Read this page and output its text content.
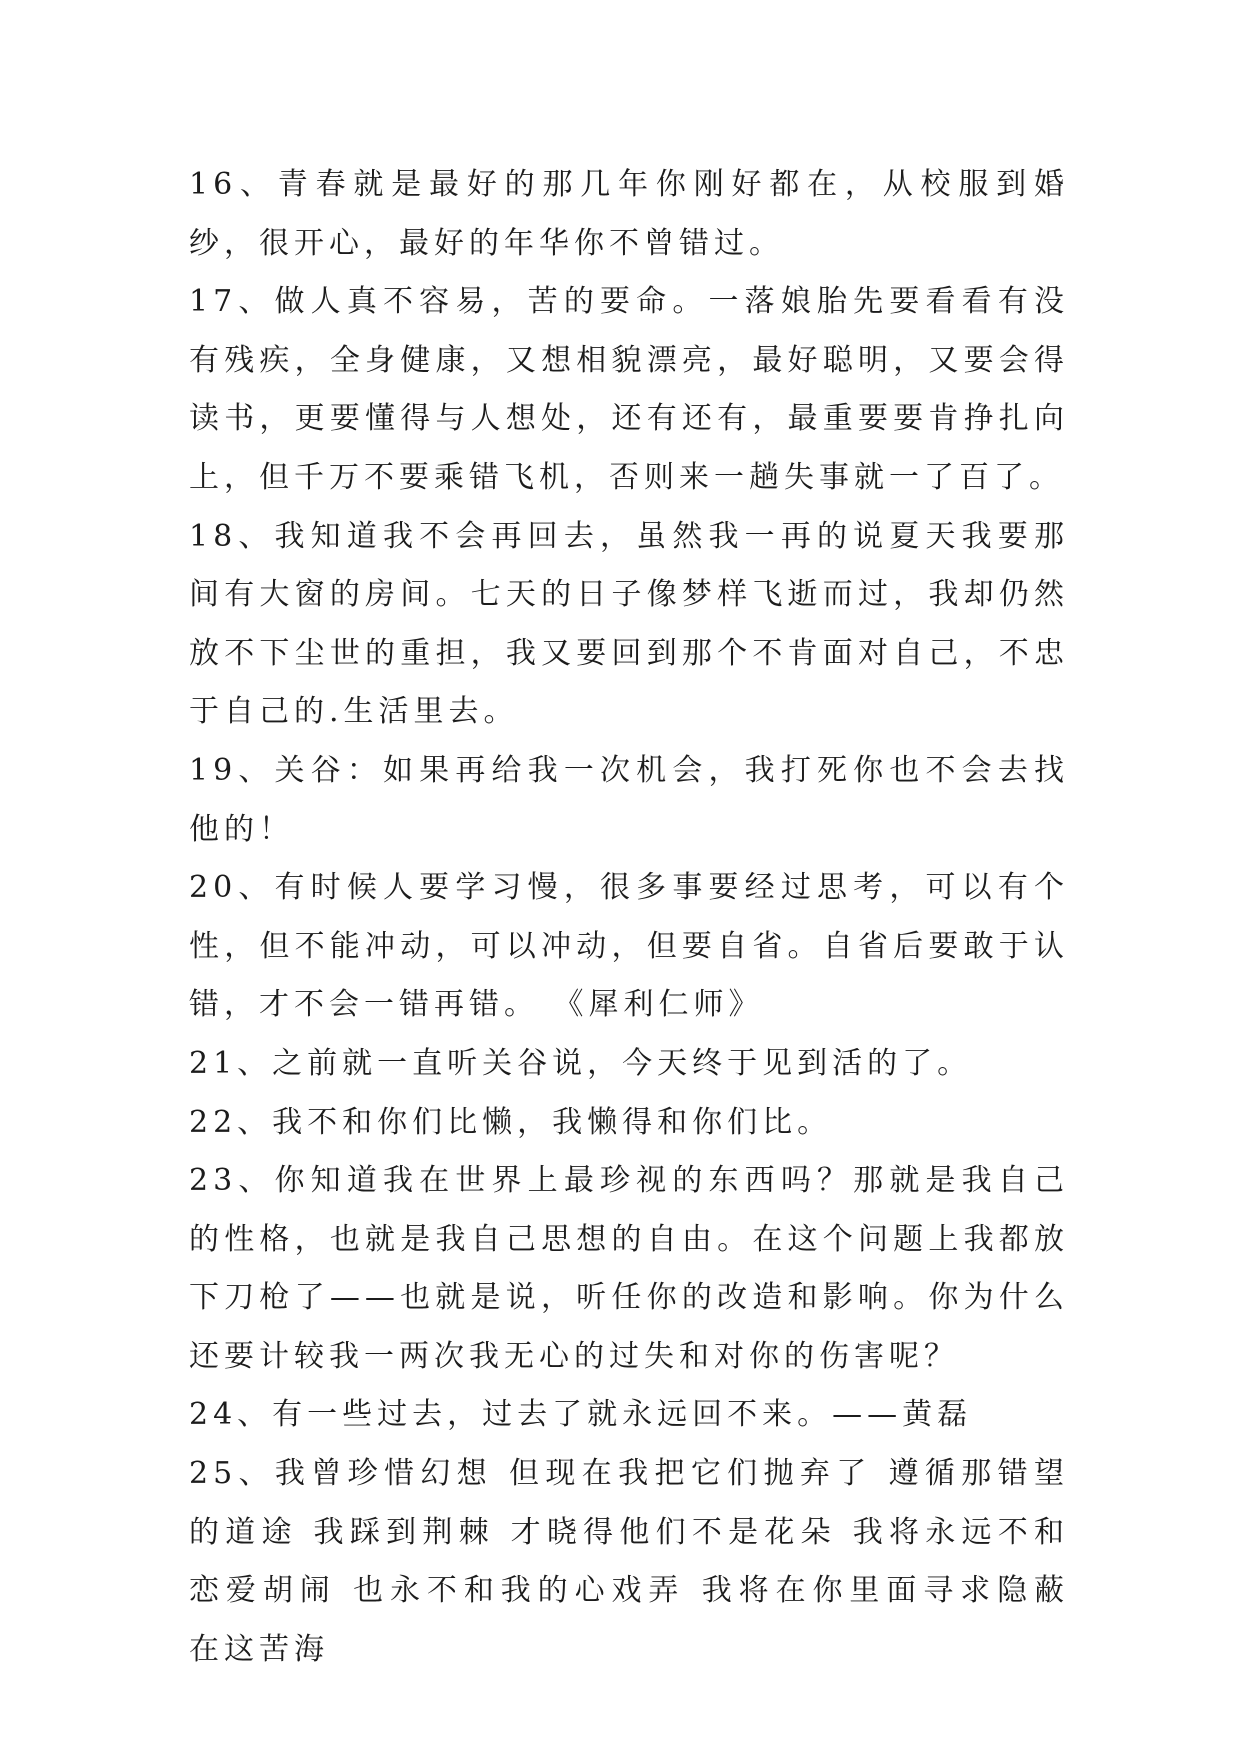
16、青春就是最好的那几年你刚好都在，从校服到婚纱，很开心，最好的年华你不曾错过。

17、做人真不容易，苦的要命。一落娘胎先要看看有没有残疾，全身健康，又想相貌漂亮，最好聪明，又要会得读书，更要懂得与人想处，还有还有，最重要要肯挣扎向上，但千万不要乘错飞机，否则来一趟失事就一了百了。

18、我知道我不会再回去，虽然我一再的说夏天我要那间有大窗的房间。七天的日子像梦样飞逝而过，我却仍然放不下尘世的重担，我又要回到那个不肯面对自己，不忠于自己的.生活里去。

19、关谷：如果再给我一次机会，我打死你也不会去找他的！

20、有时候人要学习慢，很多事要经过思考，可以有个性，但不能冲动，可以冲动，但要自省。自省后要敢于认错，才不会一错再错。 《犀利仁师》

21、之前就一直听关谷说，今天终于见到活的了。

22、我不和你们比懒，我懒得和你们比。

23、你知道我在世界上最珍视的东西吗？那就是我自己的性格，也就是我自己思想的自由。在这个问题上我都放下刀枪了——也就是说，听任你的改造和影响。你为什么还要计较我一两次我无心的过失和对你的伤害呢？

24、有一些过去，过去了就永远回不来。——黄磊

25、我曾珍惜幻想 但现在我把它们抛弃了 遵循那错望的道途 我踩到荆棘 才晓得他们不是花朵 我将永远不和恋爱胡闹 也永不和我的心戏弄 我将在你里面寻求隐蔽 在这苦海
